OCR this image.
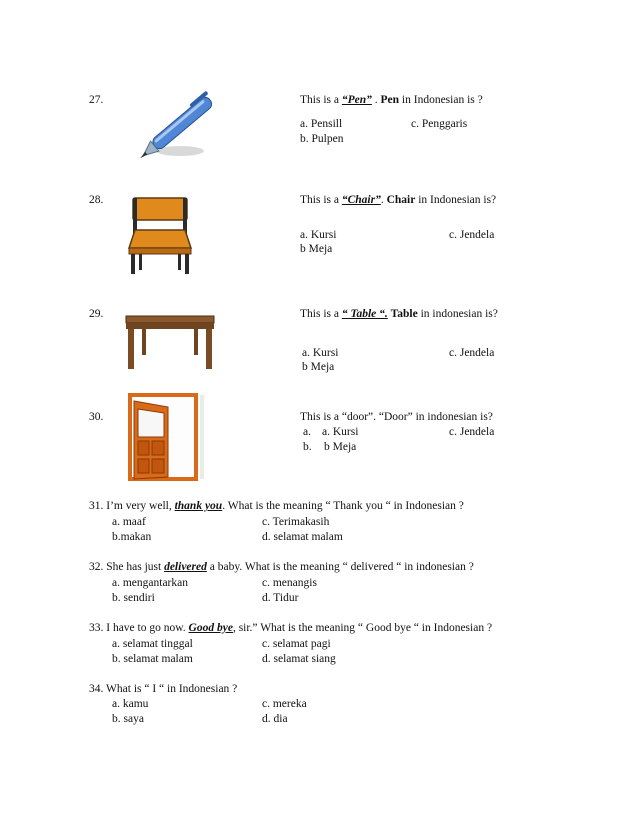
27.	This is a “Pen” . Pen in Indonesian is ?
a. Pensill	c. Penggaris
b. Pulpen
28.	This is a “Chair”. Chair in Indonesian is?
a. Kursi	c. Jendela
b Meja
29.	This is a “ Table “. Table in indonesian is?
a. Kursi	c. Jendela
b Meja
30.	This is a “door”. “Door” in indonesian is?
a. a. Kursi	c. Jendela
b. b Meja
31. I’m very well, thank you. What is the meaning “ Thank you “ in Indonesian ?
a. maaf	c. Terimakasih
b.makan	d. selamat malam
32. She has just delivered a baby. What is the meaning “ delivered “ in indonesian ?
a. mengantarkan	c. menangis
b. sendiri	d. Tidur
33. I have to go now. Good bye, sir.” What is the meaning “ Good bye “ in Indonesian ?
a. selamat tinggal	c. selamat pagi
b. selamat malam	d. selamat siang
34. What is “ I “ in Indonesian ?
a. kamu	c. mereka
b. saya	d. dia
